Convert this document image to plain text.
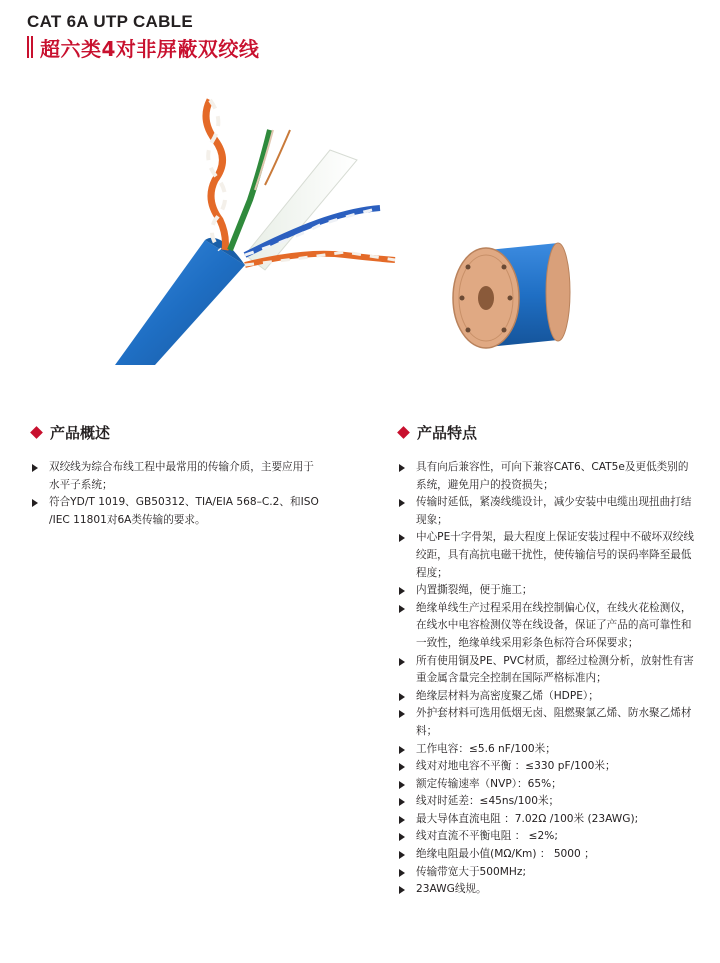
CAT 6A UTP CABLE
超六类4对非屏蔽双绞线
产品概述
双绞线为综合布线工程中最常用的传输介质，主要应用于水平子系统；
符合YD/T 1019、GB50312、TIA/EIA 568–C.2、和ISO /IEC 11801对6A类传输的要求。
产品特点
具有向后兼容性，可向下兼容CAT6、CAT5e及更低类别的系统，避免用户的投资损失；
传输时延低，紧凑线缆设计，减少安装中电缆出现扭曲打结现象；
中心PE十字骨架，最大程度上保证安装过程中不破坏双绞线绞距，具有高抗电磁干扰性，使传输信号的误码率降至最低程度；
内置撕裂绳，便于施工；
绝缘单线生产过程采用在线控制偏心仪，在线火花检测仪，在线水中电容检测仪等在线设备，保证了产品的高可靠性和一致性，绝缘单线采用彩条色标符合环保要求；
所有使用铜及PE、PVC材质，都经过检测分析，放射性有害重金属含量完全控制在国际严格标准内；
绝缘层材料为高密度聚乙烯（HDPE）；
外护套材料可选用低烟无卤、阻燃聚氯乙烯、防水聚乙烯材料；
工作电容：≤5.6 nF/100米；
线对对地电容不平衡 ：≤330 pF/100米；
额定传输速率（NVP）：65%；
线对时延差：≤45ns/100米；
最大导体直流电阻 ：7.02Ω /100米 (23AWG);
线对直流不平衡电阻 ： ≤2%;
绝缘电阻最小值(MΩ/Km) ： 5000 ；
传输带宽大于500MHz;
23AWG线规。
